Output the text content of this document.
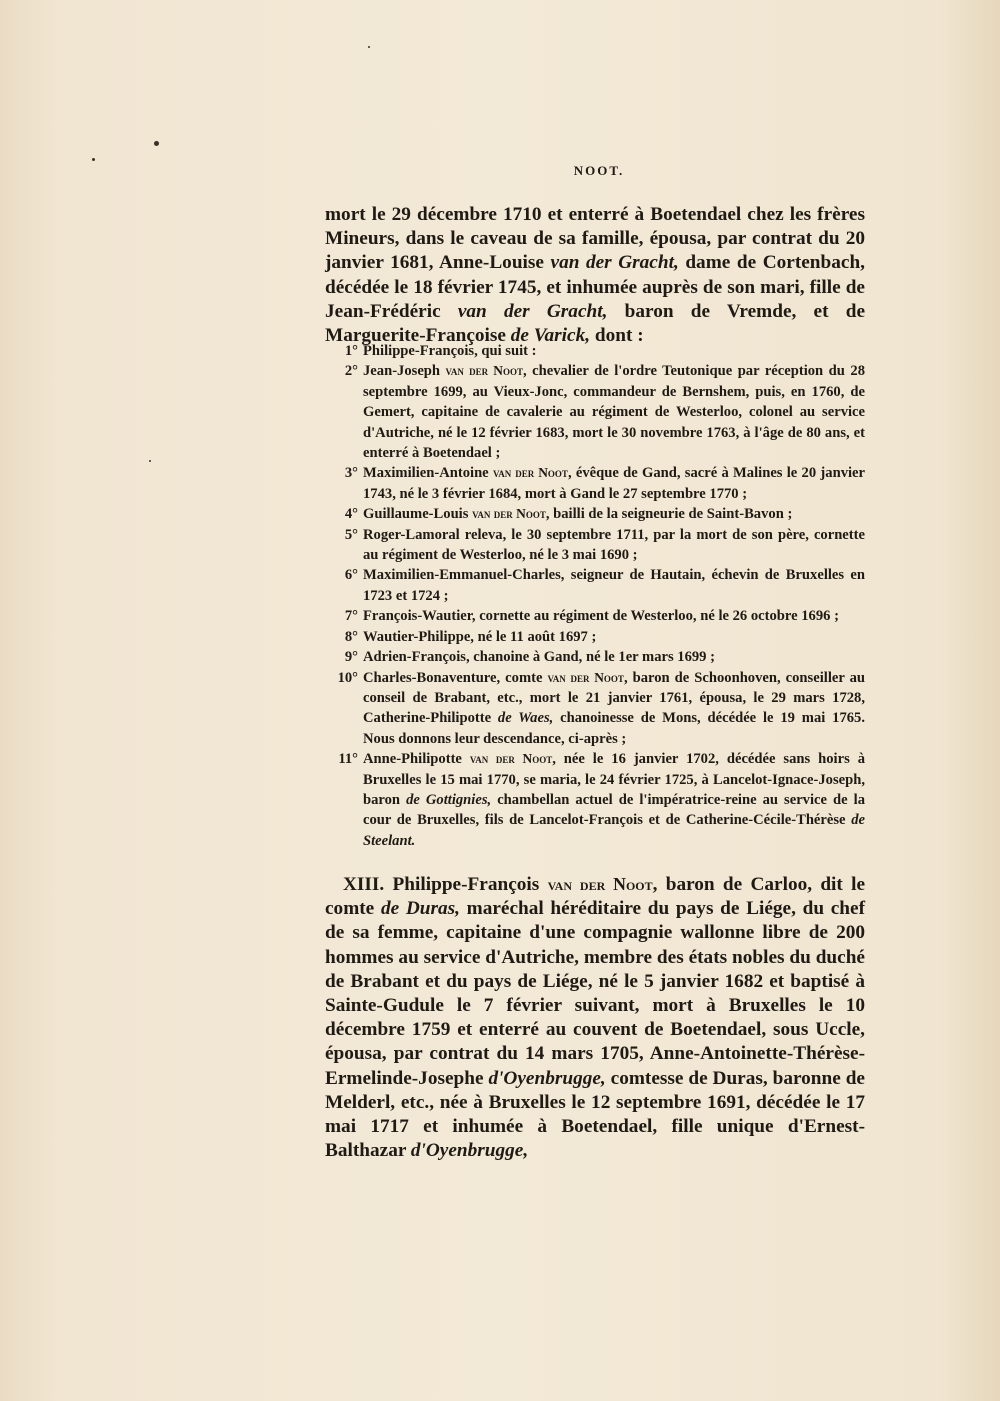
NOOT.

mort le 29 décembre 1710 et enterré à Boetendael chez les frères Mineurs, dans le caveau de sa famille, épousa, par contrat du 20 janvier 1681, Anne-Louise van der Gracht, dame de Cortenbach, décédée le 18 février 1745, et inhumée auprès de son mari, fille de Jean-Frédéric van der Gracht, baron de Vremde, et de Marguerite-Françoise de Varick, dont :

1° Philippe-François, qui suit :
2° Jean-Joseph van der Noot, chevalier de l'ordre Teutonique par réception du 28 septembre 1699, au Vieux-Jonc, commandeur de Bernshem, puis, en 1760, de Gemert, capitaine de cavalerie au régiment de Westerloo, colonel au service d'Autriche, né le 12 février 1683, mort le 30 novembre 1763, à l'âge de 80 ans, et enterré à Boetendael ;
3° Maximilien-Antoine van der Noot, évêque de Gand, sacré à Malines le 20 janvier 1743, né le 3 février 1684, mort à Gand le 27 septembre 1770 ;
4° Guillaume-Louis van der Noot, bailli de la seigneurie de Saint-Bavon ;
5° Roger-Lamoral releva, le 30 septembre 1711, par la mort de son père, cornette au régiment de Westerloo, né le 3 mai 1690 ;
6° Maximilien-Emmanuel-Charles, seigneur de Hautain, échevin de Bruxelles en 1723 et 1724 ;
7° François-Wautier, cornette au régiment de Westerloo, né le 26 octobre 1696 ;
8° Wautier-Philippe, né le 11 août 1697 ;
9° Adrien-François, chanoine à Gand, né le 1er mars 1699 ;
10° Charles-Bonaventure, comte van der Noot, baron de Schoonhoven, conseiller au conseil de Brabant, etc., mort le 21 janvier 1761, épousa, le 29 mars 1728, Catherine-Philipotte de Waes, chanoinesse de Mons, décédée le 19 mai 1765. Nous donnons leur descendance, ci-après ;
11° Anne-Philipotte van der Noot, née le 16 janvier 1702, décédée sans hoirs à Bruxelles le 15 mai 1770, se maria, le 24 février 1725, à Lancelot-Ignace-Joseph, baron de Gottignies, chambellan actuel de l'impératrice-reine au service de la cour de Bruxelles, fils de Lancelot-François et de Catherine-Cécile-Thérèse de Steelant.

XIII. Philippe-François van der Noot, baron de Carloo, dit le comte de Duras, maréchal héréditaire du pays de Liége, du chef de sa femme, capitaine d'une compagnie wallonne libre de 200 hommes au service d'Autriche, membre des états nobles du duché de Brabant et du pays de Liége, né le 5 janvier 1682 et baptisé à Sainte-Gudule le 7 février suivant, mort à Bruxelles le 10 décembre 1759 et enterré au couvent de Boetendael, sous Uccle, épousa, par contrat du 14 mars 1705, Anne-Antoinette-Thérèse-Ermelinde-Josephe d'Oyenbrugge, comtesse de Duras, baronne de Melderl, etc., née à Bruxelles le 12 septembre 1691, décédée le 17 mai 1717 et inhumée à Boetendael, fille unique d'Ernest-Balthazar d'Oyenbrugge,
